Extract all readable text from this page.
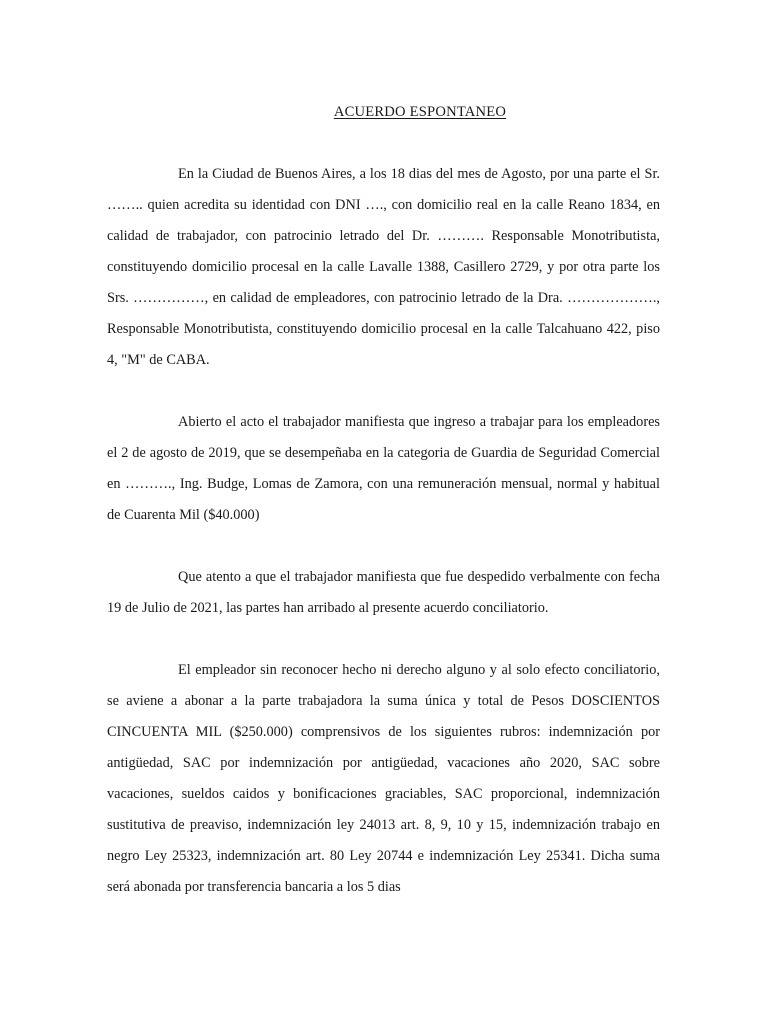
ACUERDO ESPONTANEO

En la Ciudad de Buenos Aires, a los 18 dias del mes de Agosto, por una parte el Sr. …….. quien acredita su identidad con DNI …., con domicilio real en la calle Reano 1834, en calidad de trabajador, con patrocinio letrado del Dr. ………. Responsable Monotributista, constituyendo domicilio procesal en la calle Lavalle 1388, Casillero 2729, y por otra parte los Srs. ……………, en calidad de empleadores, con patrocinio letrado de la Dra. ………………., Responsable Monotributista, constituyendo domicilio procesal en la calle Talcahuano 422, piso 4, "M" de CABA.

Abierto el acto el trabajador manifiesta que ingreso a trabajar para los empleadores el 2 de agosto de 2019, que se desempeñaba en la categoria de Guardia de Seguridad Comercial en ………., Ing. Budge, Lomas de Zamora, con una remuneración mensual, normal y habitual de Cuarenta Mil ($40.000)

Que atento a que el trabajador manifiesta que fue despedido verbalmente con fecha 19 de Julio de 2021, las partes han arribado al presente acuerdo conciliatorio.

El empleador sin reconocer hecho ni derecho alguno y al solo efecto conciliatorio, se aviene a abonar a la parte trabajadora la suma única y total de Pesos DOSCIENTOS CINCUENTA MIL ($250.000) comprensivos de los siguientes rubros: indemnización por antigüedad, SAC por indemnización por antigüedad, vacaciones año 2020, SAC sobre vacaciones, sueldos caidos y bonificaciones graciables, SAC proporcional, indemnización sustitutiva de preaviso, indemnización ley 24013 art. 8, 9, 10 y 15, indemnización trabajo en negro Ley 25323, indemnización art. 80 Ley 20744 e indemnización Ley 25341. Dicha suma será abonada por transferencia bancaria a los 5 dias
